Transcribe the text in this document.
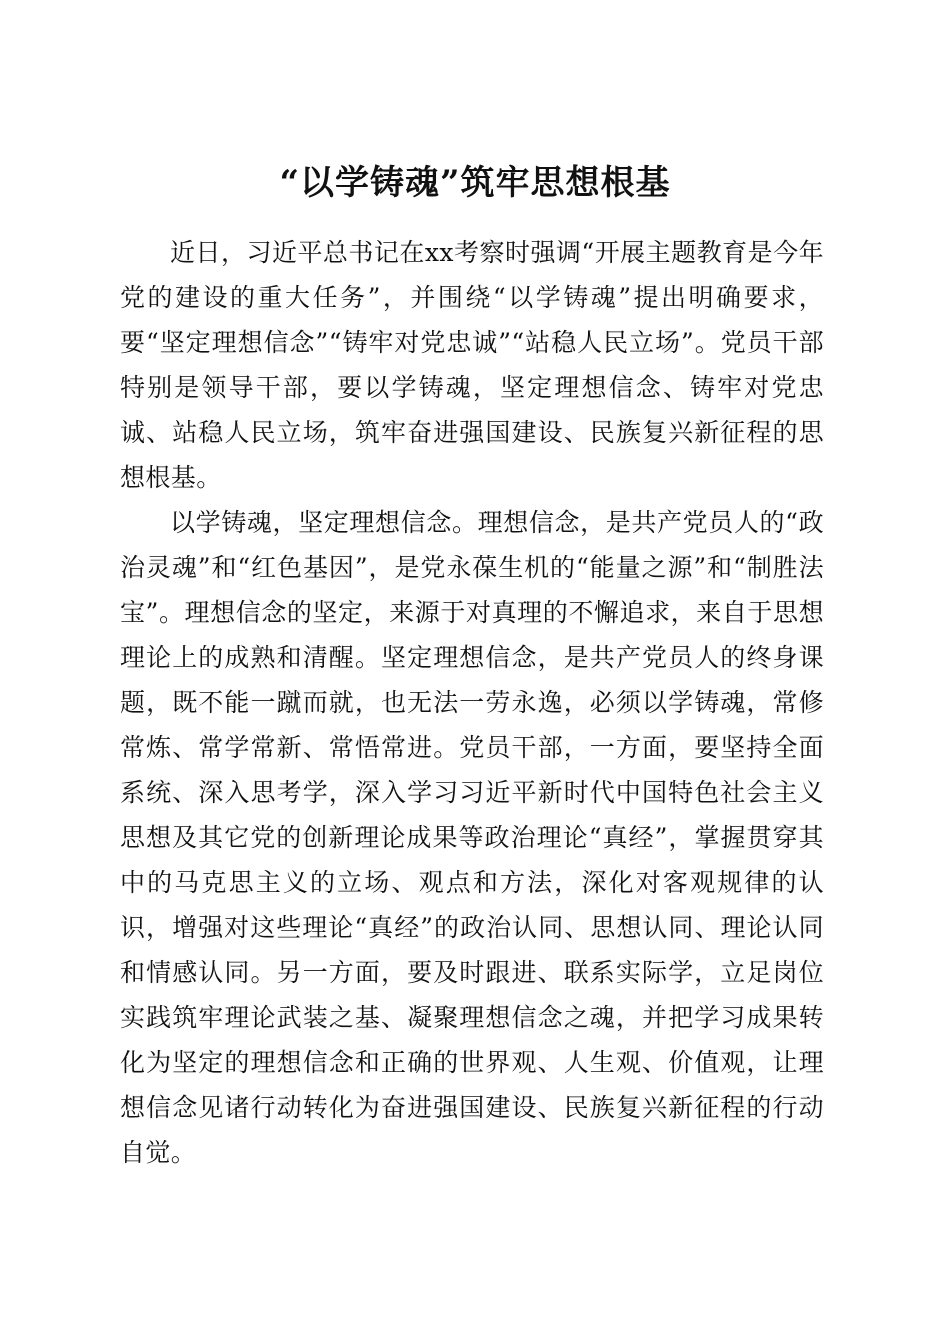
“以学铸魂”筑牢思想根基

近日，习近平总书记在xx考察时强调“开展主题教育是今年党的建设的重大任务”，并围绕“以学铸魂”提出明确要求，要“坚定理想信念”“铸牢对党忠诚”“站稳人民立场”。党员干部特别是领导干部，要以学铸魂，坚定理想信念、铸牢对党忠诚、站稳人民立场，筑牢奋进强国建设、民族复兴新征程的思想根基。

以学铸魂，坚定理想信念。理想信念，是共产党员人的“政治灵魂”和“红色基因”，是党永葆生机的“能量之源”和“制胜法宝”。理想信念的坚定，来源于对真理的不懈追求，来自于思想理论上的成熟和清醒。坚定理想信念，是共产党员人的终身课题，既不能一蹴而就，也无法一劳永逸，必须以学铸魂，常修常炼、常学常新、常悟常进。党员干部，一方面，要坚持全面系统、深入思考学，深入学习习近平新时代中国特色社会主义思想及其它党的创新理论成果等政治理论“真经”，掌握贯穿其中的马克思主义的立场、观点和方法，深化对客观规律的认识，增强对这些理论“真经”的政治认同、思想认同、理论认同和情感认同。另一方面，要及时跟进、联系实际学，立足岗位实践筑牢理论武装之基、凝聚理想信念之魂，并把学习成果转化为坚定的理想信念和正确的世界观、人生观、价值观，让理想信念见诸行动转化为奋进强国建设、民族复兴新征程的行动自觉。
